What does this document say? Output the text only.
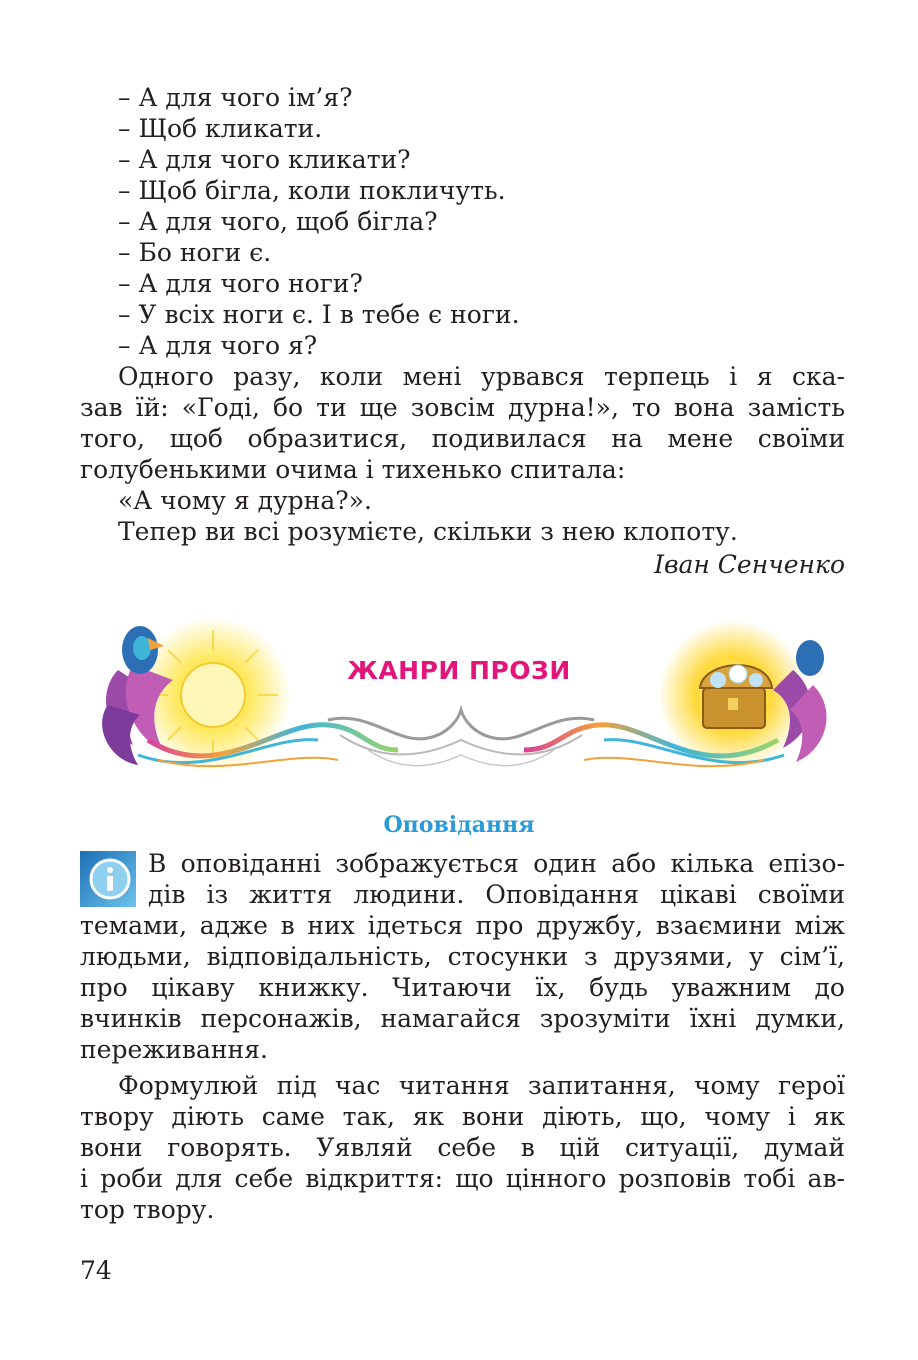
– А для чого ім’я?
– Щоб кликати.
– А для чого кликати?
– Щоб бігла, коли покличуть.
– А для чого, щоб бігла?
– Бо ноги є.
– А для чого ноги?
– У всіх ноги є. І в тебе є ноги.
– А для чого я?
Одного разу, коли мені урвався терпець і я ска-
зав їй: «Годі, бо ти ще зовсім дурна!», то вона замість
того, щоб образитися, подивилася на мене своїми
голубенькими очима і тихенько спитала:
«А чому я дурна?».
Тепер ви всі розумієте, скільки з нею клопоту.
Іван Сенченко
ЖАНРИ ПРОЗИ
Оповідання
В оповіданні зображується один або кілька епізо-
дів із життя людини. Оповідання цікаві своїми
темами, адже в них ідеться про дружбу, взаємини між
людьми, відповідальність, стосунки з друзями, у сім’ї,
про цікаву книжку. Читаючи їх, будь уважним до
вчинків персонажів, намагайся зрозуміти їхні думки,
переживання.
Формулюй під час читання запитання, чому герої
твору діють саме так, як вони діють, що, чому і як
вони говорять. Уявляй себе в цій ситуації, думай
і роби для себе відкриття: що цінного розповів тобі ав-
тор твору.
74
